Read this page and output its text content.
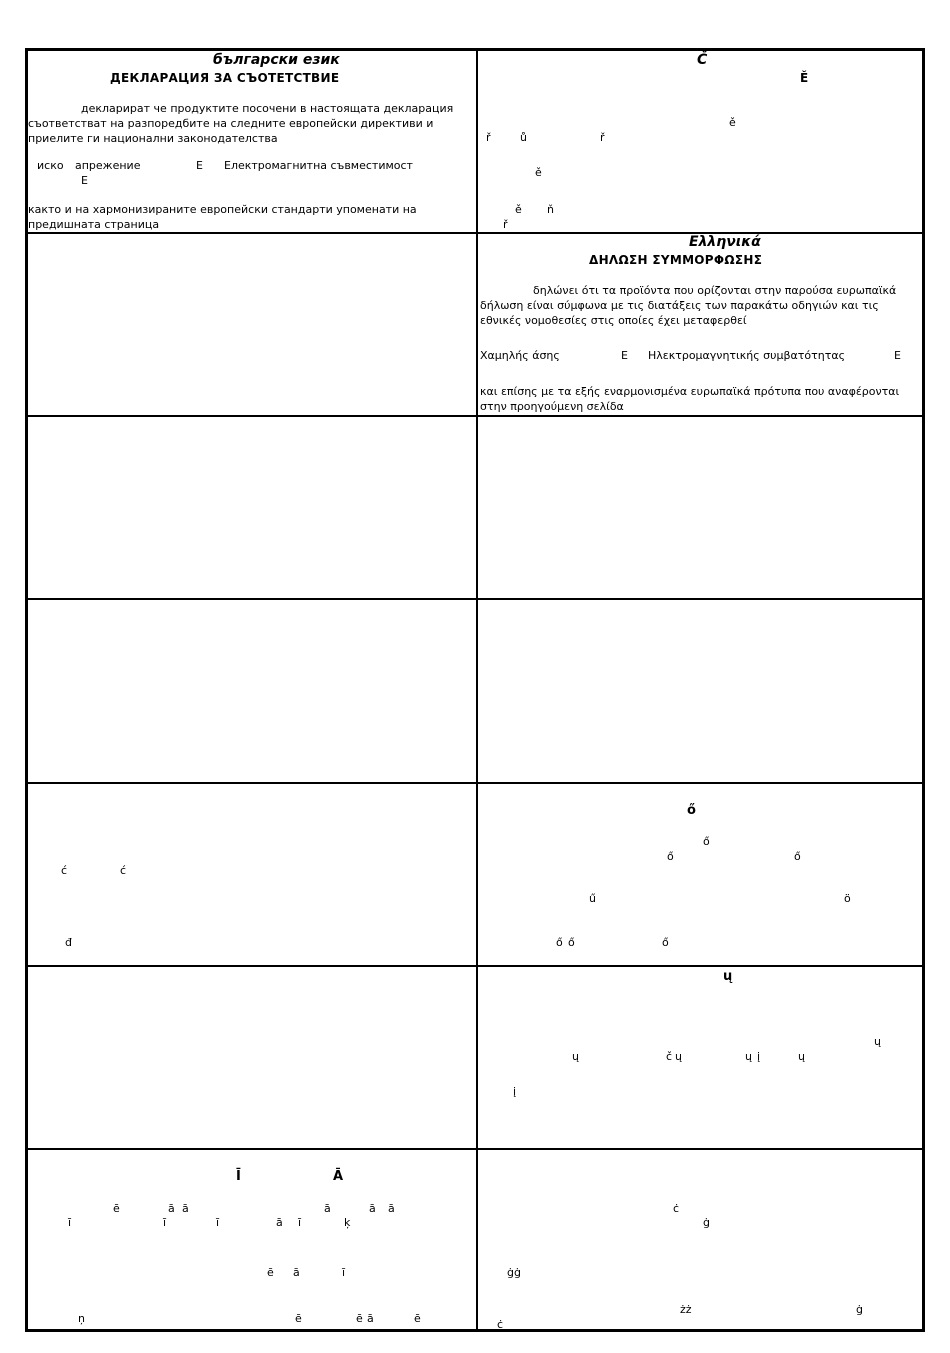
български език
ДЕКЛАРАЦИЯ ЗА СЪОТЕТСТВИЕ
декларират че продуктите посочени в настоящата декларация съответстват на разпоредбите на следните европейски директиви и приелите ги национални законодателства
иско апрежение	Е Електромагнитна съвместимост
Е
както и на хармонизираните европейски стандарти упоменати на предишната страница
Č
Ě
ě
ř	ů	ř
ě
ě ň
ř
Ελληνικά
ΔΗΛΩΣΗ ΣΥΜΜΟΡΦΩΣΗΣ
δηλώνει ότι τα προϊόντα που ορίζονται στην παρούσα ευρωπαϊκά δήλωση είναι σύμφωνα με τις διατάξεις των παρακάτω οδηγιών και τις εθνικές νομοθεσίες στις οποίες έχει μεταφερθεί
Χαμηλής άσης	Ε Ηλεκτρομαγνητικής συμβατότητας	Ε
και επίσης με τα εξής εναρμονισμένα ευρωπαϊκά πρότυπα που αναφέρονται στην προηγούμενη σελίδα
ć	ć
đ
ő
ő
ő	ő
ű	ö
ő ő	ő
ų
ų
ų	č ų	ų į	ų
į
Ī	Ā
ē	ā ā	ā	ā ā
ī	ī	ī	ā ī	ķ
ē ā	ī
ņ	ē	ē ā	ē
ċ
ġ
ġġ
żż	ġ
ċ
